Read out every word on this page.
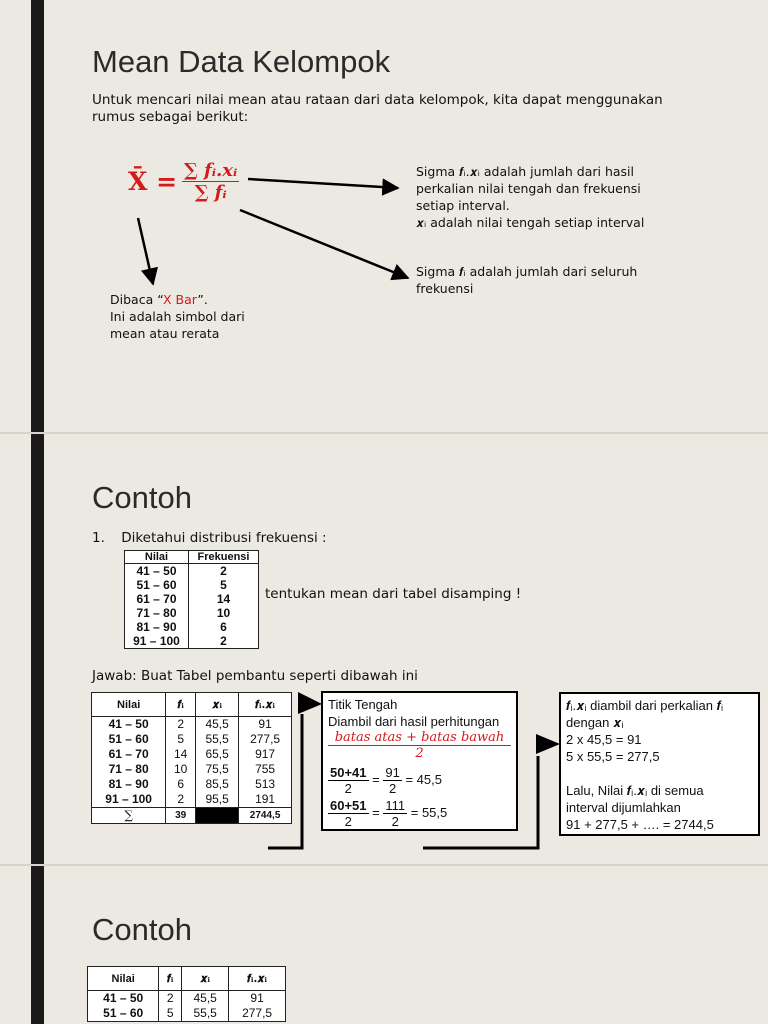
Mean Data Kelompok
Untuk mencari nilai mean atau rataan dari data kelompok, kita dapat menggunakan rumus sebagai berikut:
X̄ = $\frac{\text{∑ fᵢ.xᵢ}}{\text{∑ fᵢ}}$	Sigma 𝒇ᵢ.𝒙ᵢ adalah jumlah dari hasil
perkalian nilai tengah dan frekuensi
setiap interval.
𝒙ᵢ adalah nilai tengah setiap interval
Sigma 𝒇ᵢ adalah jumlah dari seluruh
frekuensi
Dibaca “X Bar”.
Ini adalah simbol dari
mean atau rerata
Contoh
1. Diketahui distribusi frekuensi :
Nilai	Frekuensi
41 – 50	2
51 – 60	5
61 – 70	14
71 – 80	10
81 – 90	6
91 – 100	2
tentukan mean dari tabel disamping !
Jawab: Buat Tabel pembantu seperti dibawah ini
Nilai	𝒇ᵢ	𝒙ᵢ	𝒇ᵢ.𝒙ᵢ
41 – 50	2	45,5	91
51 – 60	5	55,5	277,5
61 – 70	14	65,5	917
71 – 80	10	75,5	755
81 – 90	6	85,5	513
91 – 100	2	95,5	191
∑	39		2744,5
Titik Tengah
Diambil dari hasil perhitungan
batas atas + batas bawah
2
$\frac{50+41}{2} = \frac{91}{2} = 45,5$
$\frac{60+51}{2} = \frac{111}{2} = 55,5$
𝒇ᵢ.𝒙ᵢ diambil dari perkalian 𝒇ᵢ
dengan 𝒙ᵢ
2 x 45,5 = 91
5 x 55,5 = 277,5
Lalu, Nilai 𝒇ᵢ.𝒙ᵢ di semua
interval dijumlahkan
91 + 277,5 + …. = 2744,5
Contoh
Nilai	𝒇ᵢ	𝒙ᵢ	𝒇ᵢ.𝒙ᵢ
41 – 50	2	45,5	91
51 – 60	5	55,5	277,5
